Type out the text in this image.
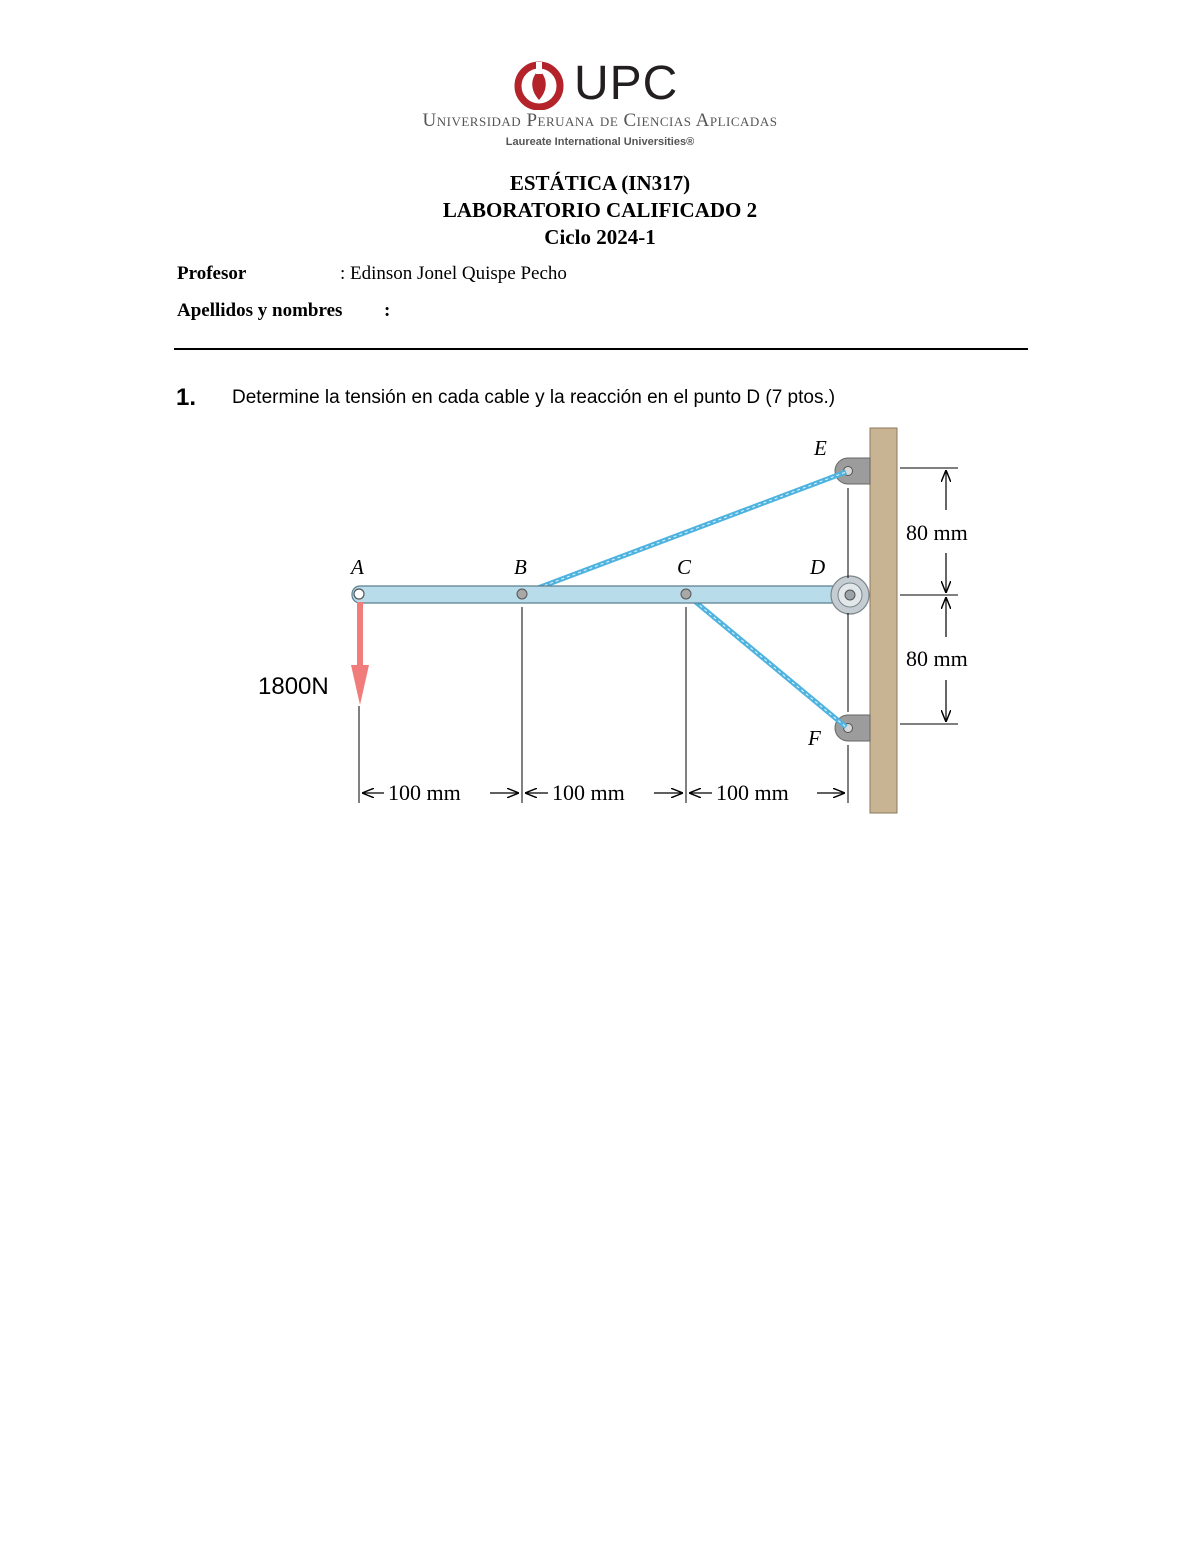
UPC
Universidad Peruana de Ciencias Aplicadas
Laureate International Universities®
ESTÁTICA (IN317)
LABORATORIO CALIFICADO 2
Ciclo 2024-1
Profesor	: Edinson Jonel Quispe Pecho
Apellidos y nombres :
1. Determine la tensión en cada cable y la reacción en el punto D (7 ptos.)
1800N
A	B	C	D
E
F
100 mm	100 mm	100 mm
80 mm
80 mm
